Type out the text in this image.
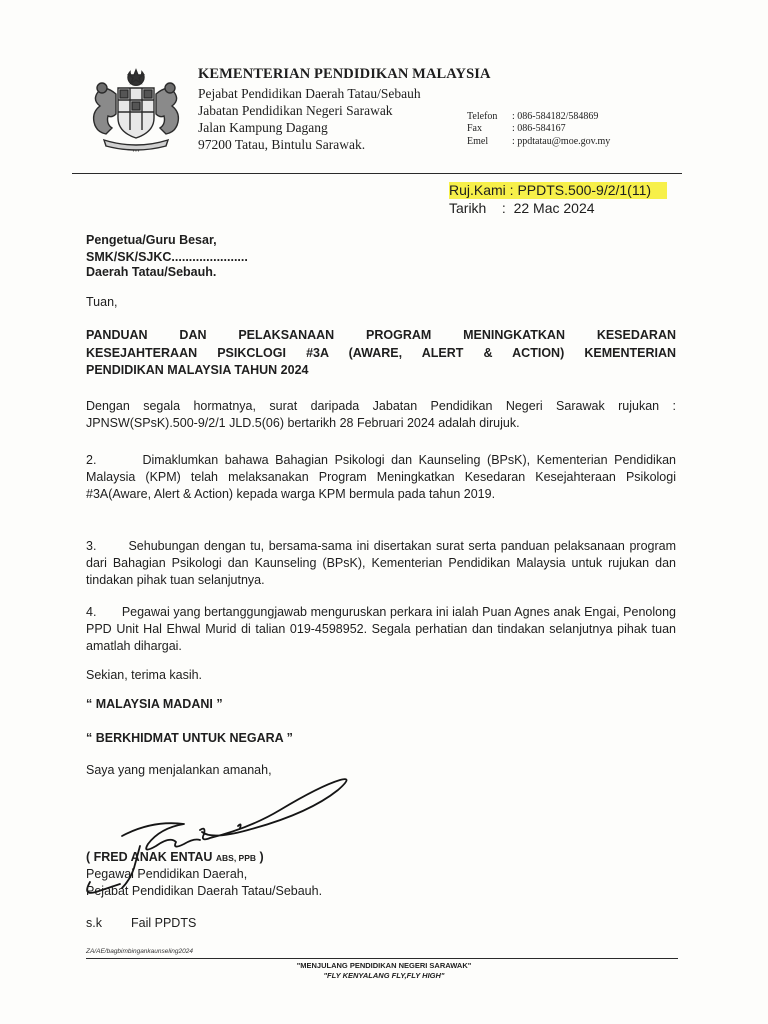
• • •
KEMENTERIAN PENDIDIKAN MALAYSIA
Pejabat Pendidikan Daerah Tatau/Sebauh
Jabatan Pendidikan Negeri Sarawak
Jalan Kampung Dagang
97200 Tatau, Bintulu Sarawak.
Telefon : 086-584182/584869
Fax	: 086-584167
Emel : ppdtatau@moe.gov.my
Ruj.Kami : PPDTS.500-9/2/1(11)
Tarikh    :  22 Mac 2024
Pengetua/Guru Besar,
SMK/SK/SJKC......................
Daerah Tatau/Sebauh.
Tuan,
PANDUAN DAN PELAKSANAAN PROGRAM MENINGKATKAN KESEDARAN
KESEJAHTERAAN PSIKCLOGI #3A (AWARE, ALERT & ACTION) KEMENTERIAN
PENDIDIKAN MALAYSIA TAHUN 2024
Dengan segala hormatnya, surat daripada Jabatan Pendidikan Negeri Sarawak rujukan : JPNSW(SPsK).500-9/2/1 JLD.5(06) bertarikh 28 Februari 2024 adalah dirujuk.
2.       Dimaklumkan bahawa Bahagian Psikologi dan Kaunseling (BPsK), Kementerian Pendidikan Malaysia (KPM) telah melaksanakan Program Meningkatkan Kesedaran Kesejahteraan Psikologi #3A(Aware, Alert & Action) kepada warga KPM bermula pada tahun 2019.
3.       Sehubungan dengan tu, bersama-sama ini disertakan surat serta panduan pelaksanaan program dari Bahagian Psikologi dan Kaunseling (BPsK), Kementerian Pendidikan Malaysia untuk rujukan dan tindakan pihak tuan selanjutnya.
4.       Pegawai yang bertanggungjawab menguruskan perkara ini ialah Puan Agnes anak Engai, Penolong PPD Unit Hal Ehwal Murid di talian 019-4598952. Segala perhatian dan tindakan selanjutnya pihak tuan amatlah dihargai.
Sekian, terima kasih.
“ MALAYSIA MADANI ”
“ BERKHIDMAT UNTUK NEGARA ”
Saya yang menjalankan amanah,
( FRED ANAK ENTAU ABS, PPB )
Pegawai Pendidikan Daerah,
Pejabat Pendidikan Daerah Tatau/Sebauh.
s.k Fail PPDTS
ZA/AE/bagbimbingankaunseling2024
"MENJULANG PENDIDIKAN NEGERI SARAWAK"
"FLY KENYALANG FLY,FLY HIGH"
